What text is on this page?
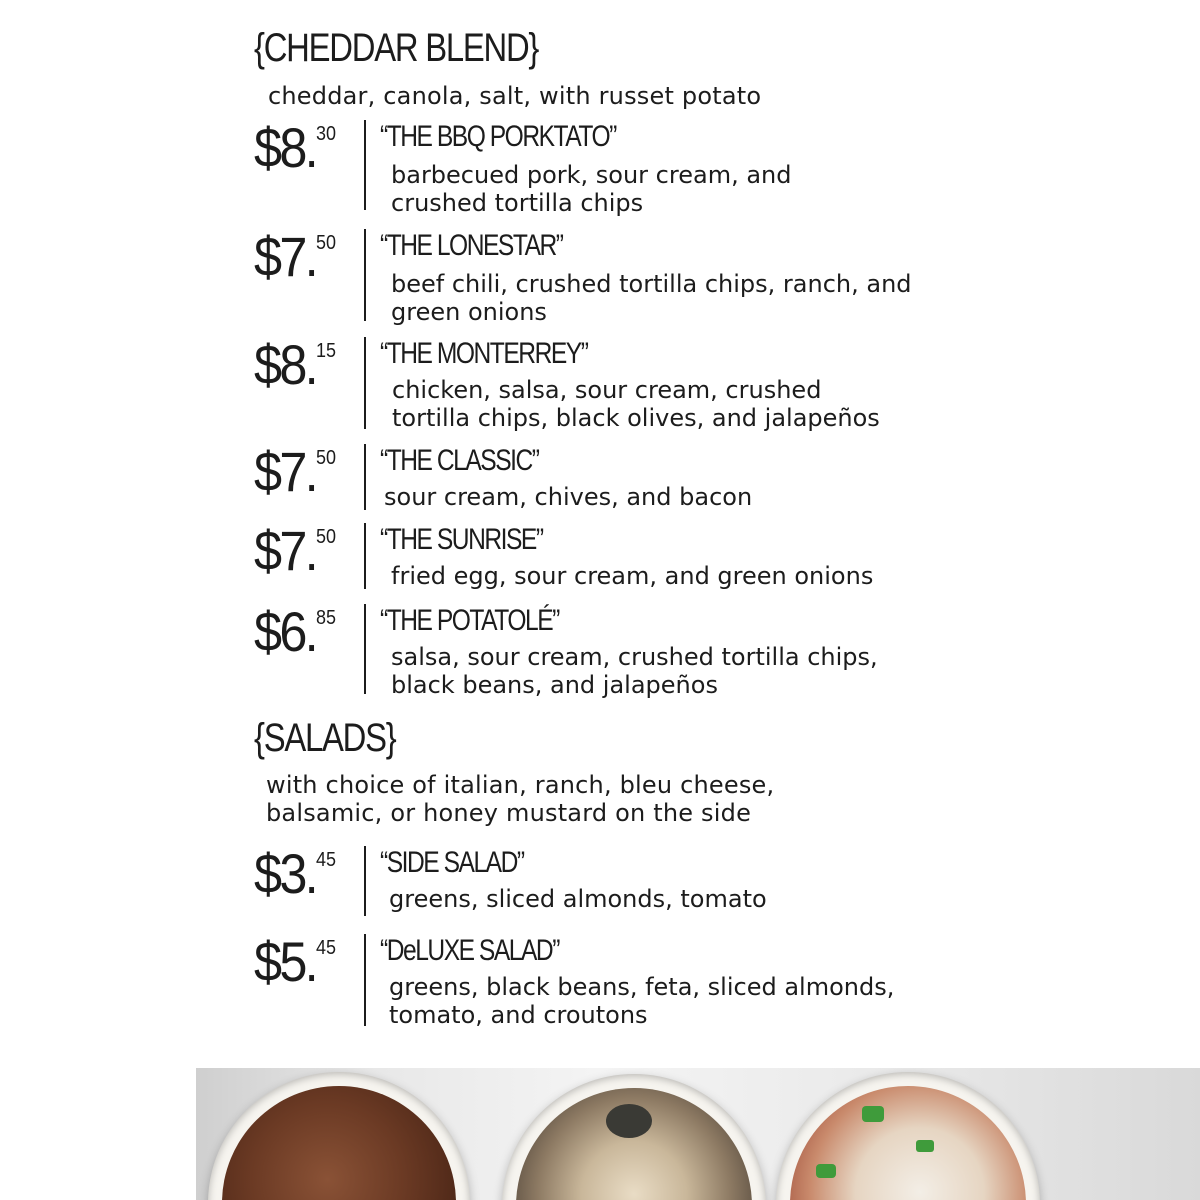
{CHEDDAR BLEND}
cheddar, canola, salt, with russet potato
$8.30 “THE BBQ PORKTATO”
barbecued pork, sour cream, and
crushed tortilla chips
$7.50 “THE LONESTAR”
beef chili, crushed tortilla chips, ranch, and
green onions
$8.15 “THE MONTERREY”
chicken, salsa, sour cream, crushed
tortilla chips, black olives, and jalapeños
$7.50 “THE CLASSIC”
sour cream, chives, and bacon
$7.50 “THE SUNRISE”
fried egg, sour cream, and green onions
$6.85 “THE POTATOLÉ”
salsa, sour cream, crushed tortilla chips,
black beans, and jalapeños
{SALADS}
with choice of italian, ranch, bleu cheese,
balsamic, or honey mustard on the side
$3.45 “SIDE SALAD”
greens, sliced almonds, tomato
$5.45 “DeLUXE SALAD”
greens, black beans, feta, sliced almonds,
tomato, and croutons
